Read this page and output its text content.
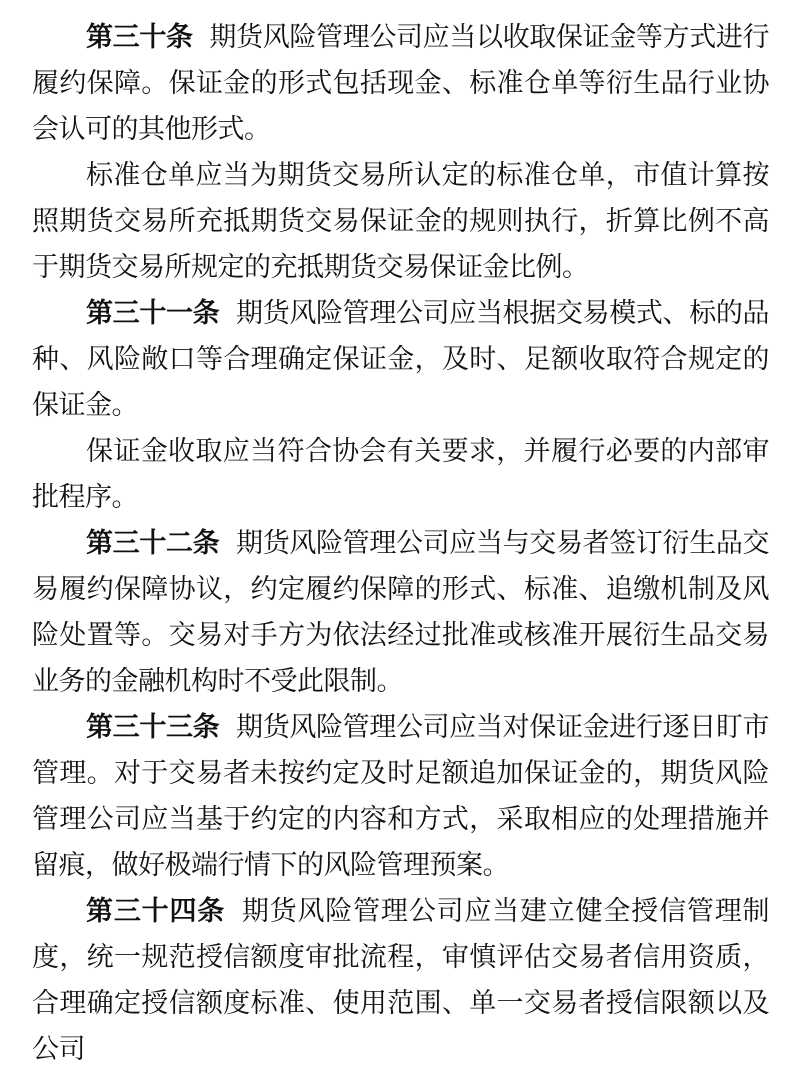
第三十条 期货风险管理公司应当以收取保证金等方式进行履约保障。保证金的形式包括现金、标准仓单等衍生品行业协会认可的其他形式。

标准仓单应当为期货交易所认定的标准仓单，市值计算按照期货交易所充抵期货交易保证金的规则执行，折算比例不高于期货交易所规定的充抵期货交易保证金比例。

第三十一条 期货风险管理公司应当根据交易模式、标的品种、风险敞口等合理确定保证金，及时、足额收取符合规定的保证金。

保证金收取应当符合协会有关要求，并履行必要的内部审批程序。

第三十二条 期货风险管理公司应当与交易者签订衍生品交易履约保障协议，约定履约保障的形式、标准、追缴机制及风险处置等。交易对手方为依法经过批准或核准开展衍生品交易业务的金融机构时不受此限制。

第三十三条 期货风险管理公司应当对保证金进行逐日盯市管理。对于交易者未按约定及时足额追加保证金的，期货风险管理公司应当基于约定的内容和方式，采取相应的处理措施并留痕，做好极端行情下的风险管理预案。

第三十四条 期货风险管理公司应当建立健全授信管理制度，统一规范授信额度审批流程，审慎评估交易者信用资质，合理确定授信额度标准、使用范围、单一交易者授信限额以及公司
